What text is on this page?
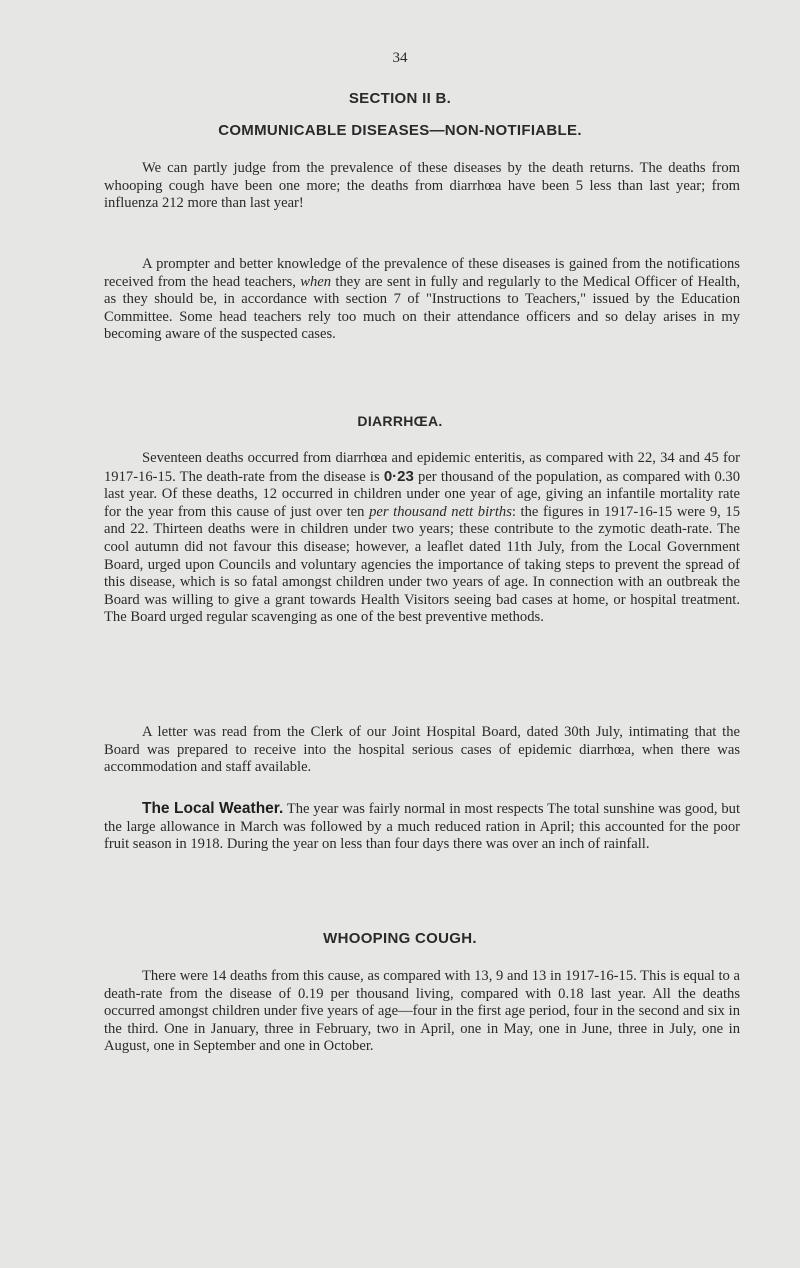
34
SECTION II B.
COMMUNICABLE DISEASES—NON-NOTIFIABLE.

We can partly judge from the prevalence of these diseases by the death returns. The deaths from whooping cough have been one more; the deaths from diarrhœa have been 5 less than last year; from influenza 212 more than last year!

A prompter and better knowledge of the prevalence of these diseases is gained from the notifications received from the head teachers, when they are sent in fully and regularly to the Medical Officer of Health, as they should be, in accordance with section 7 of "Instructions to Teachers," issued by the Education Committee. Some head teachers rely too much on their attendance officers and so delay arises in my becoming aware of the suspected cases.

DIARRHŒA.

Seventeen deaths occurred from diarrhœa and epidemic enteritis, as compared with 22, 34 and 45 for 1917-16-15. The death-rate from the disease is 0·23 per thousand of the population, as compared with 0.30 last year. Of these deaths, 12 occurred in children under one year of age, giving an infantile mortality rate for the year from this cause of just over ten per thousand nett births: the figures in 1917-16-15 were 9, 15 and 22. Thirteen deaths were in children under two years; these contribute to the zymotic death-rate. The cool autumn did not favour this disease; however, a leaflet dated 11th July, from the Local Government Board, urged upon Councils and voluntary agencies the importance of taking steps to prevent the spread of this disease, which is so fatal amongst children under two years of age. In connection with an outbreak the Board was willing to give a grant towards Health Visitors seeing bad cases at home, or hospital treatment. The Board urged regular scavenging as one of the best preventive methods.

A letter was read from the Clerk of our Joint Hospital Board, dated 30th July, intimating that the Board was prepared to receive into the hospital serious cases of epidemic diarrhœa, when there was accommodation and staff available.

The Local Weather. The year was fairly normal in most respects The total sunshine was good, but the large allowance in March was followed by a much reduced ration in April; this accounted for the poor fruit season in 1918. During the year on less than four days there was over an inch of rainfall.

WHOOPING COUGH.

There were 14 deaths from this cause, as compared with 13, 9 and 13 in 1917-16-15. This is equal to a death-rate from the disease of 0.19 per thousand living, compared with 0.18 last year. All the deaths occurred amongst children under five years of age—four in the first age period, four in the second and six in the third. One in January, three in February, two in April, one in May, one in June, three in July, one in August, one in September and one in October.
